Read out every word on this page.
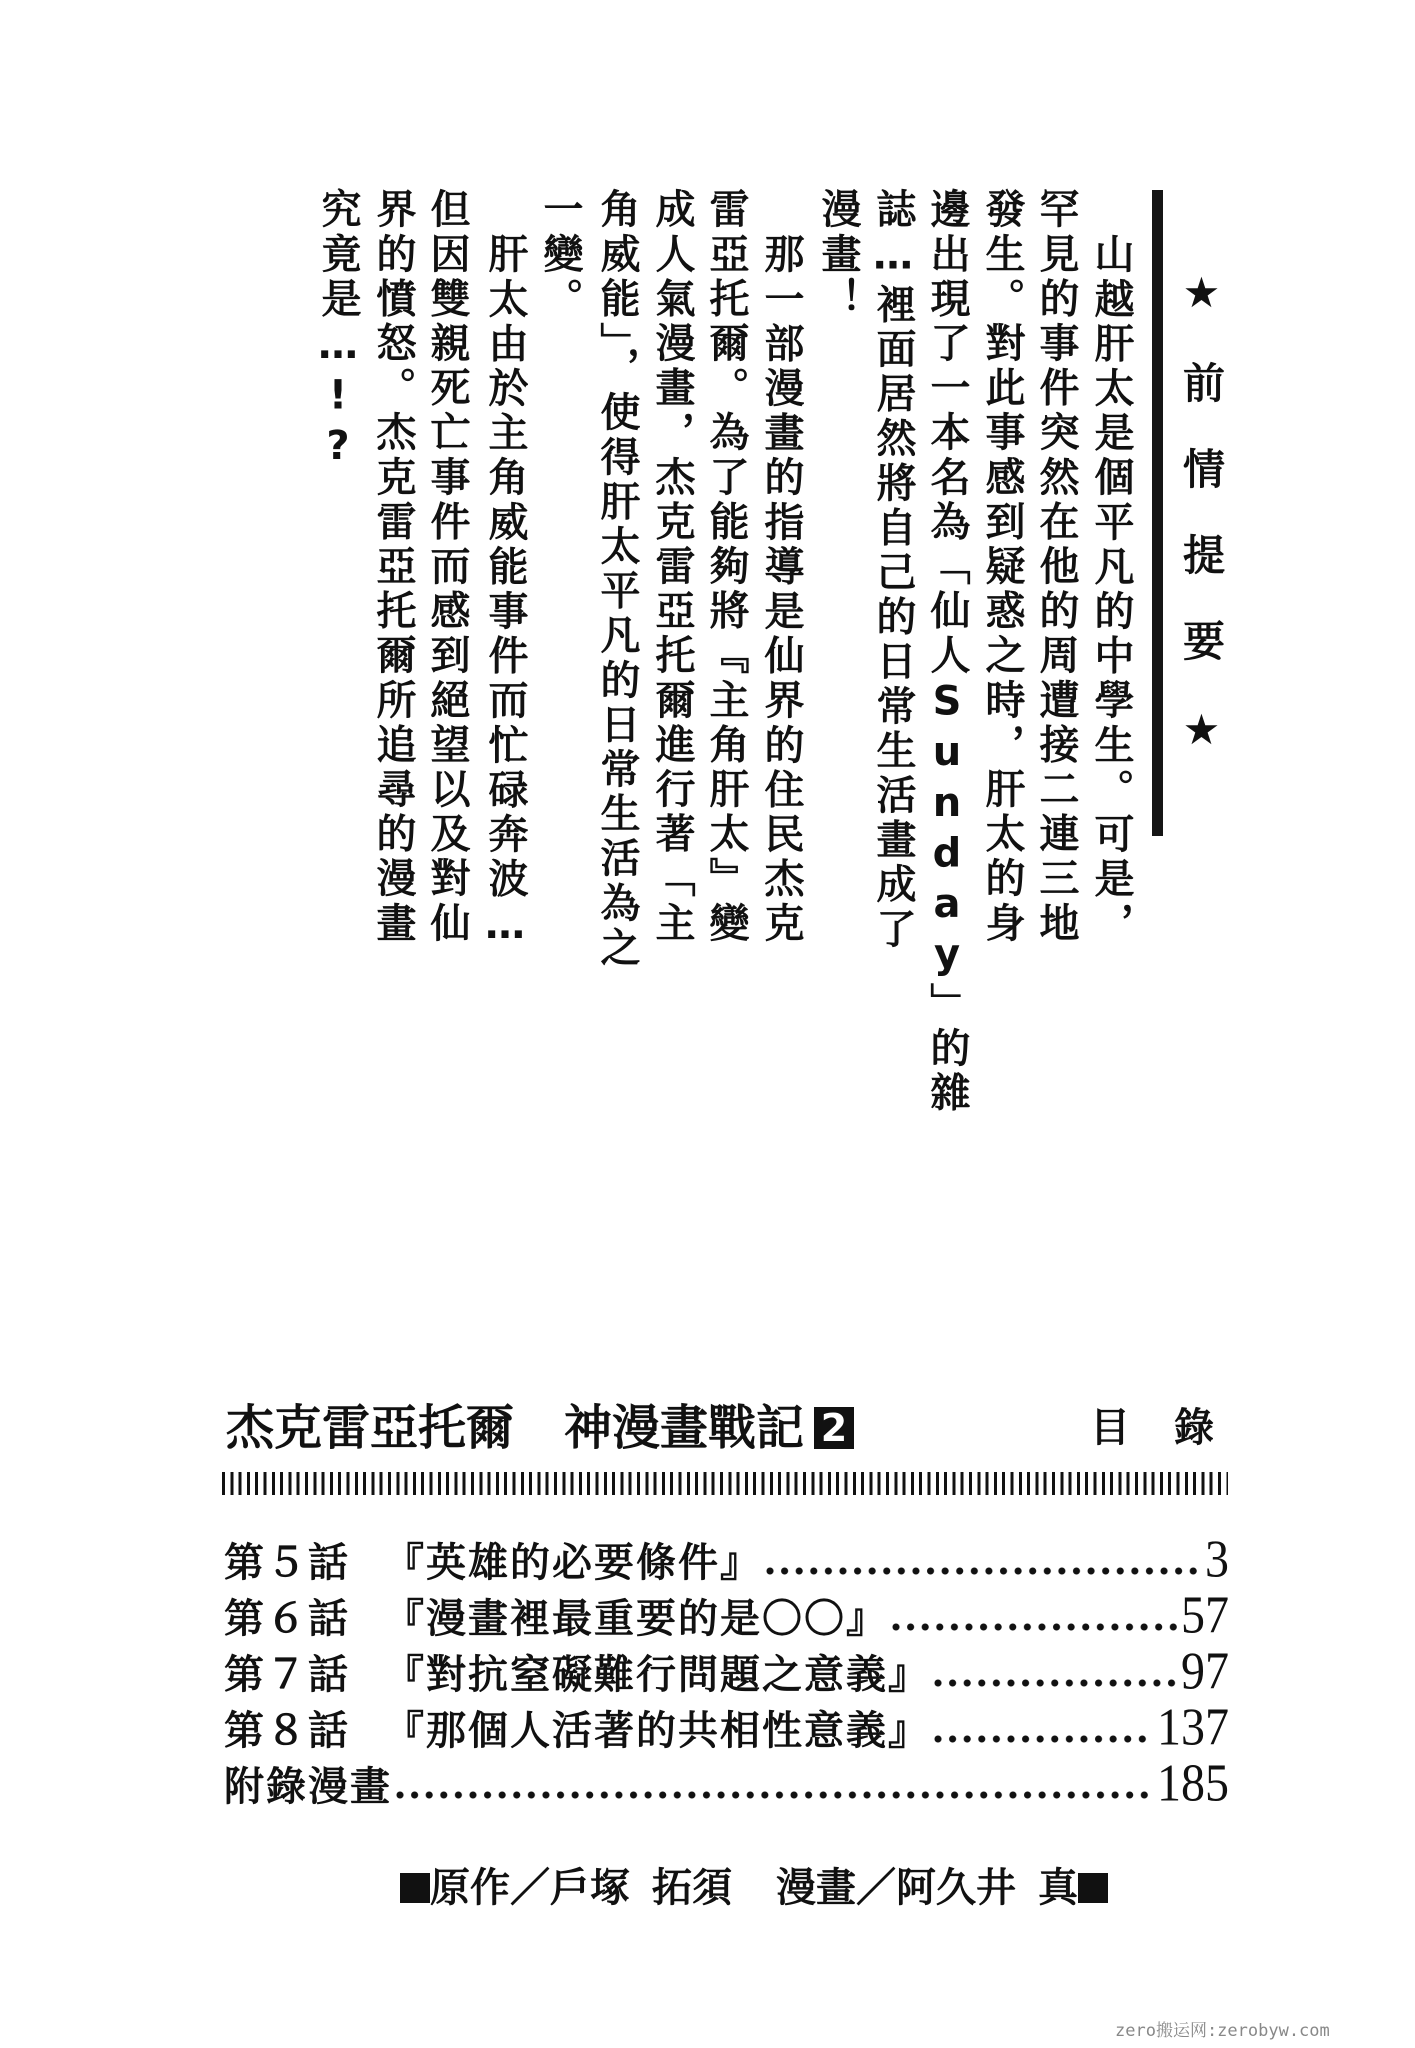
★前情提要★
山越肝太是個平凡的中學生。可是，
罕見的事件突然在他的周遭接二連三地
發生。對此事感到疑惑之時，肝太的身
邊出現了一本名為「仙人Sunday」的雜
誌…裡面居然將自己的日常生活畫成了
漫畫！
那一部漫畫的指導是仙界的住民杰克
雷亞托爾。為了能夠將『主角肝太』變
成人氣漫畫，杰克雷亞托爾進行著「主
角威能」，使得肝太平凡的日常生活為之
一變。
肝太由於主角威能事件而忙碌奔波…
但因雙親死亡事件而感到絕望以及對仙
界的憤怒。杰克雷亞托爾所追尋的漫畫
究竟是…!?
杰克雷亞托爾 神漫畫戰記 2	目錄
第５話 『英雄的必要條件』	3
第６話 『漫畫裡最重要的是〇〇』	57
第７話 『對抗窒礙難行問題之意義』	97
第８話 『那個人活著的共相性意義』	137
附錄漫畫	185
原作／戶塚 拓須 漫畫／阿久井 真
zero搬运网:zerobyw.com
